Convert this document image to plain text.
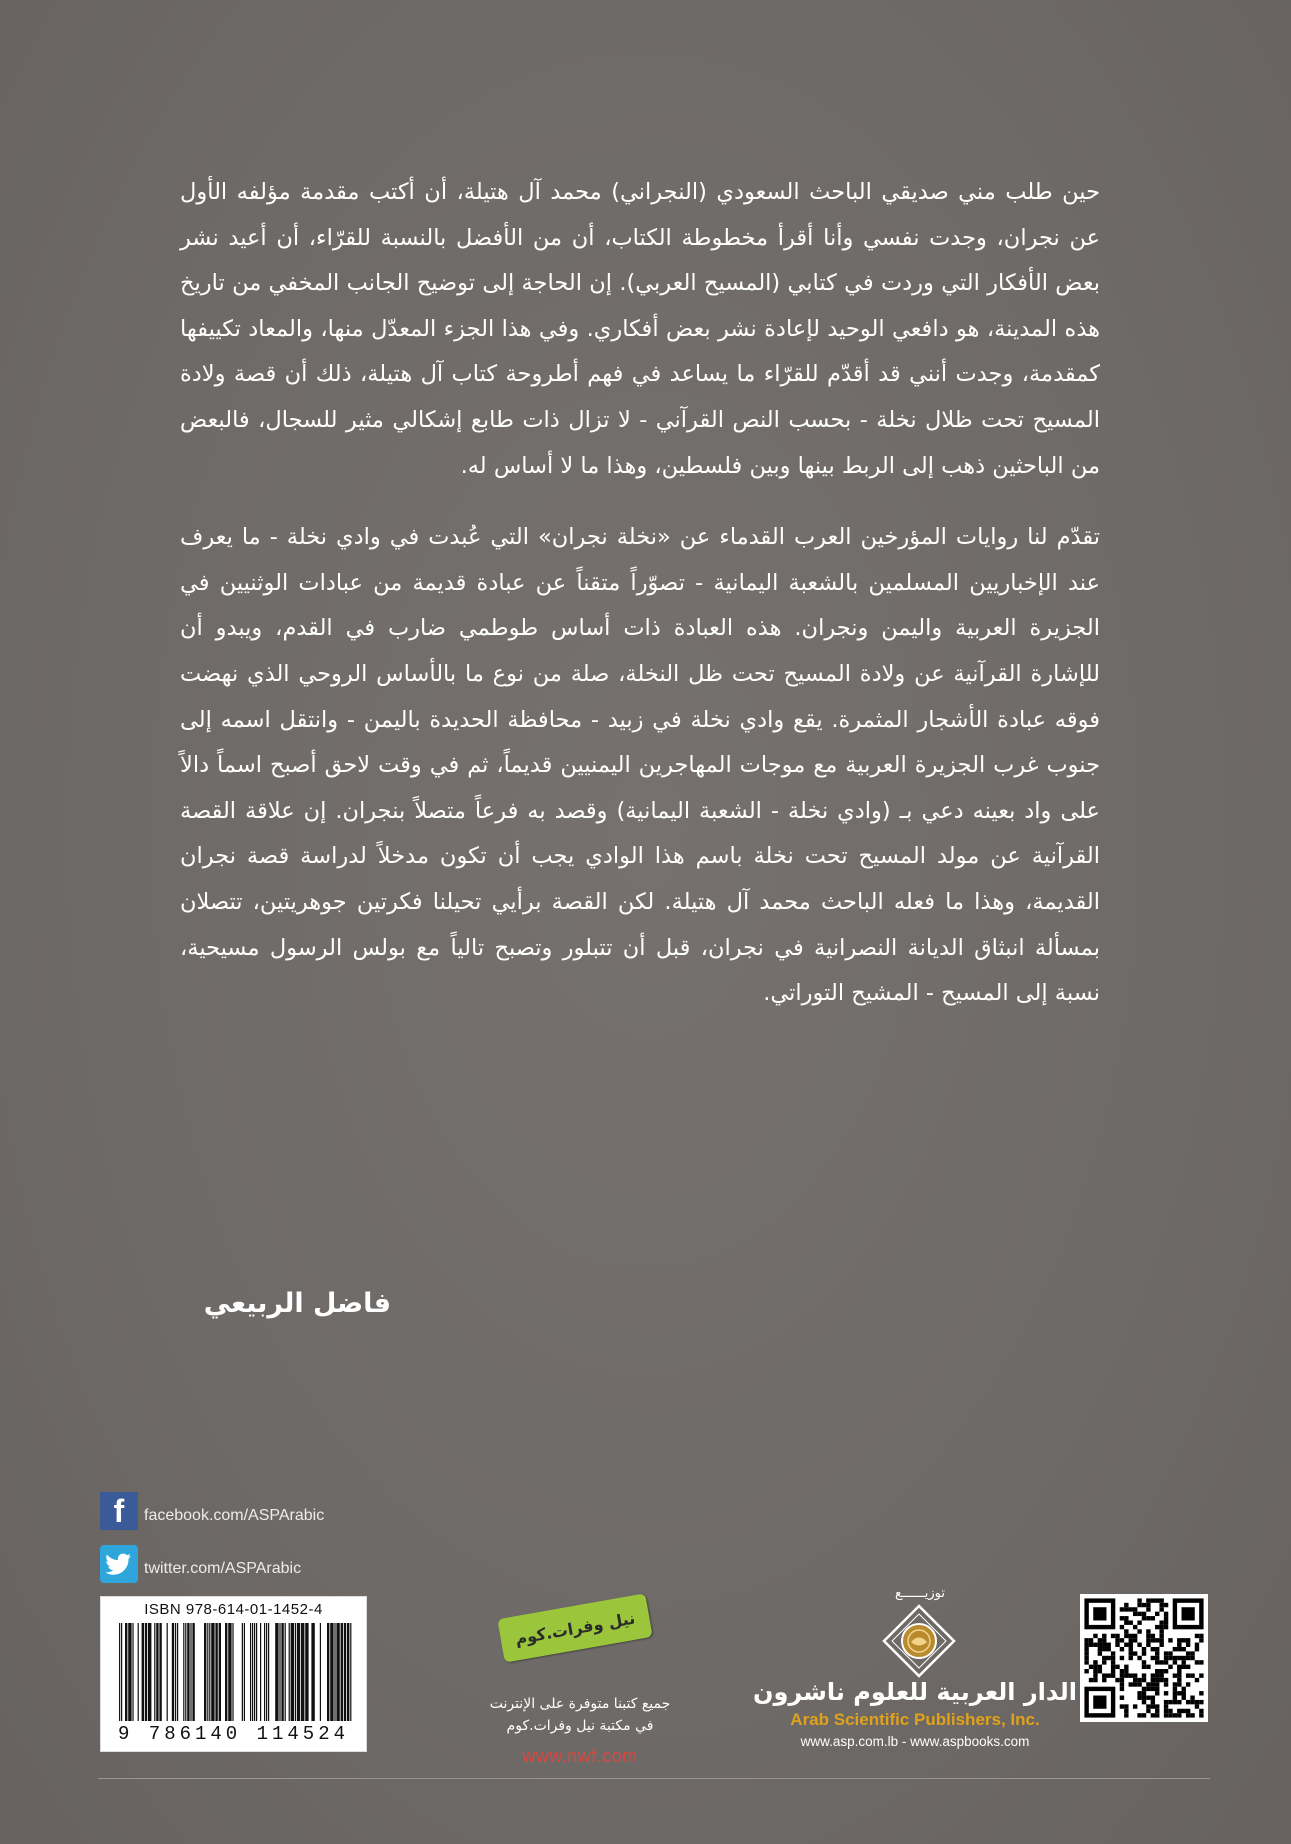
حين طلب مني صديقي الباحث السعودي (النجراني) محمد آل هتيلة، أن أكتب مقدمة مؤلفه الأول عن نجران، وجدت نفسي وأنا أقرأ مخطوطة الكتاب، أن من الأفضل بالنسبة للقرّاء، أن أعيد نشر بعض الأفكار التي وردت في كتابي (المسيح العربي). إن الحاجة إلى توضيح الجانب المخفي من تاريخ هذه المدينة، هو دافعي الوحيد لإعادة نشر بعض أفكاري. وفي هذا الجزء المعدّل منها، والمعاد تكييفها كمقدمة، وجدت أنني قد أقدّم للقرّاء ما يساعد في فهم أطروحة كتاب آل هتيلة، ذلك أن قصة ولادة المسيح تحت ظلال نخلة - بحسب النص القرآني - لا تزال ذات طابع إشكالي مثير للسجال، فالبعض من الباحثين ذهب إلى الربط بينها وبين فلسطين، وهذا ما لا أساس له.

تقدّم لنا روايات المؤرخين العرب القدماء عن «نخلة نجران» التي عُبدت في وادي نخلة - ما يعرف عند الإخباريين المسلمين بالشعبة اليمانية - تصوّراً متقناً عن عبادة قديمة من عبادات الوثنيين في الجزيرة العربية واليمن ونجران. هذه العبادة ذات أساس طوطمي ضارب في القدم، ويبدو أن للإشارة القرآنية عن ولادة المسيح تحت ظل النخلة، صلة من نوع ما بالأساس الروحي الذي نهضت فوقه عبادة الأشجار المثمرة. يقع وادي نخلة في زبيد - محافظة الحديدة باليمن - وانتقل اسمه إلى جنوب غرب الجزيرة العربية مع موجات المهاجرين اليمنيين قديماً، ثم في وقت لاحق أصبح اسماً دالاً على واد بعينه دعي بـ (وادي نخلة - الشعبة اليمانية) وقصد به فرعاً متصلاً بنجران. إن علاقة القصة القرآنية عن مولد المسيح تحت نخلة باسم هذا الوادي يجب أن تكون مدخلاً لدراسة قصة نجران القديمة، وهذا ما فعله الباحث محمد آل هتيلة. لكن القصة برأيي تحيلنا فكرتين جوهريتين، تتصلان بمسألة انبثاق الديانة النصرانية في نجران، قبل أن تتبلور وتصبح تالياً مع بولس الرسول مسيحية، نسبة إلى المسيح - المشيح التوراتي.

فاضل الربيعي
f	facebook.com/ASPArabic
twitter.com/ASPArabic
ISBN 978-614-01-1452-4
9 786140 114524
نيل وفرات.كوم
جميع كتبنا متوفرة على الإنترنت
في مكتبة نيل وفرات.كوم
www.nwf.com
توزيــــــع
الدار العربية للعلوم ناشرون
Arab Scientific Publishers, Inc.
www.asp.com.lb - www.aspbooks.com
